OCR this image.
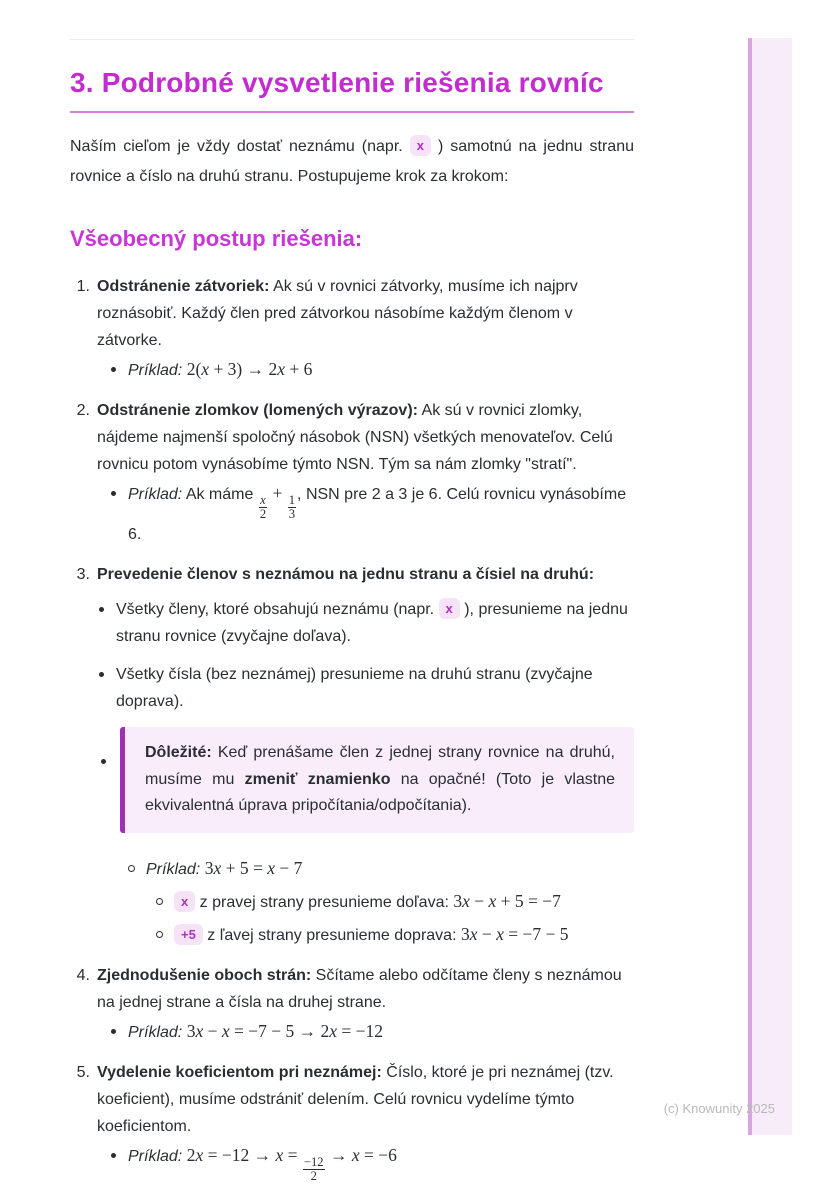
3. Podrobné vysvetlenie riešenia rovníc

Naším cieľom je vždy dostať neznámu (napr. x ) samotnú na jednu stranu rovnice a číslo na druhú stranu. Postupujeme krok za krokom:

Všeobecný postup riešenia:
1. Odstránenie zátvoriek: Ak sú v rovnici zátvorky, musíme ich najprv roznásobiť. Každý člen pred zátvorkou násobíme každým členom v zátvorke.
Príklad: 2(x + 3) → 2x + 6
2. Odstránenie zlomkov (lomených výrazov): Ak sú v rovnici zlomky, nájdeme najmenší spoločný násobok (NSN) všetkých menovateľov. Celú rovnicu potom vynásobíme týmto NSN. Tým sa nám zlomky "stratí".
Príklad: Ak máme $\frac{x}{2}$
+
$\frac{1}{3}$ , NSN pre 2 a 3 je 6. Celú rovnicu vynásobíme 6.
3. Prevedenie členov s neznámou na jednu stranu a čísiel na druhú:
Všetky členy, ktoré obsahujú neznámu (napr. x ), presunieme na jednu stranu rovnice (zvyčajne doľava).
Všetky čísla (bez neznámej) presunieme na druhú stranu (zvyčajne doprava).
Dôležité: Keď prenášame člen z jednej strany rovnice na druhú, musíme mu zmeniť znamienko na opačné! (Toto je vlastne ekvivalentná úprava pripočítania/odpočítania).
Príklad: 3x + 5 = x − 7
x z pravej strany presunieme doľava: 3x − x + 5 = −7
+5 z ľavej strany presunieme doprava: 3x − x = −7 − 5
4. Zjednodušenie oboch strán: Sčítame alebo odčítame členy s neznámou na jednej strane a čísla na druhej strane.
Príklad: 3x − x = −7 − 5 → 2x = −12
5. Vydelenie koeficientom pri neznámej: Číslo, ktoré je pri neznámej (tzv. koeficient), musíme odstrániť delením. Celú rovnicu vydelíme týmto koeficientom.
Príklad: 2x = −12 → x =
$\frac{-12}{2}$
→ x = −6
(c) Knowunity 2025
